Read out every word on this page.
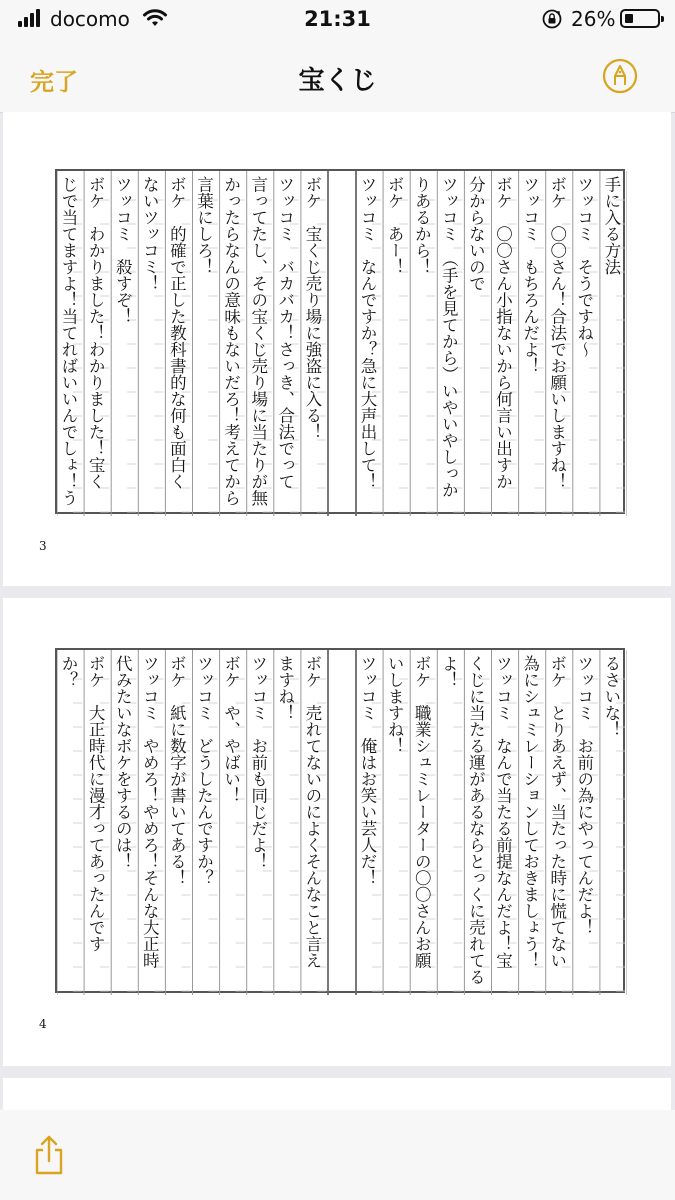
docomo	21:31	26%
完了	宝くじ
手に入る方法
ツッコミ　そうですね～
ボケ　〇〇さん！合法でお願いしますね！
ツッコミ　もちろんだよ！
ボケ　〇〇さん小指ないから何言い出すか
分からないので
ツッコミ　（手を見てから）いやいやしっか
りあるから！
ボケ　あー！
ツッコミ　なんですか？急に大声出して！
ボケ　宝くじ売り場に強盗に入る！
ツッコミ　バカバカ！さっき、合法でって
言ってたし、その宝くじ売り場に当たりが無
かったらなんの意味もないだろ！考えてから
言葉にしろ！
ボケ　的確で正した教科書的な何も面白く
ないツッコミ！
ツッコミ　殺すぞ！
ボケ　わかりました！わかりました！宝く
じで当てますよ！当てればいいんでしょ！う
3
るさいな！
ツッコミ　お前の為にやってんだよ！
ボケ　とりあえず、当たった時に慌てない
為にシュミレーションしておきましょう！
ツッコミ　なんで当たる前提なんだよ！宝
くじに当たる運があるならとっくに売れてる
よ！
ボケ　職業シュミレーターの〇〇さんお願
いしますね！
ツッコミ　俺はお笑い芸人だ！
ボケ　売れてないのによくそんなこと言え
ますね！
ツッコミ　お前も同じだよ！
ボケ　や、やばい！
ツッコミ　どうしたんですか？
ボケ　紙に数字が書いてある！
ツッコミ　やめろ！やめろ！そんな大正時
代みたいなボケをするのは！
ボケ　大正時代に漫才ってあったんです
か？
4
